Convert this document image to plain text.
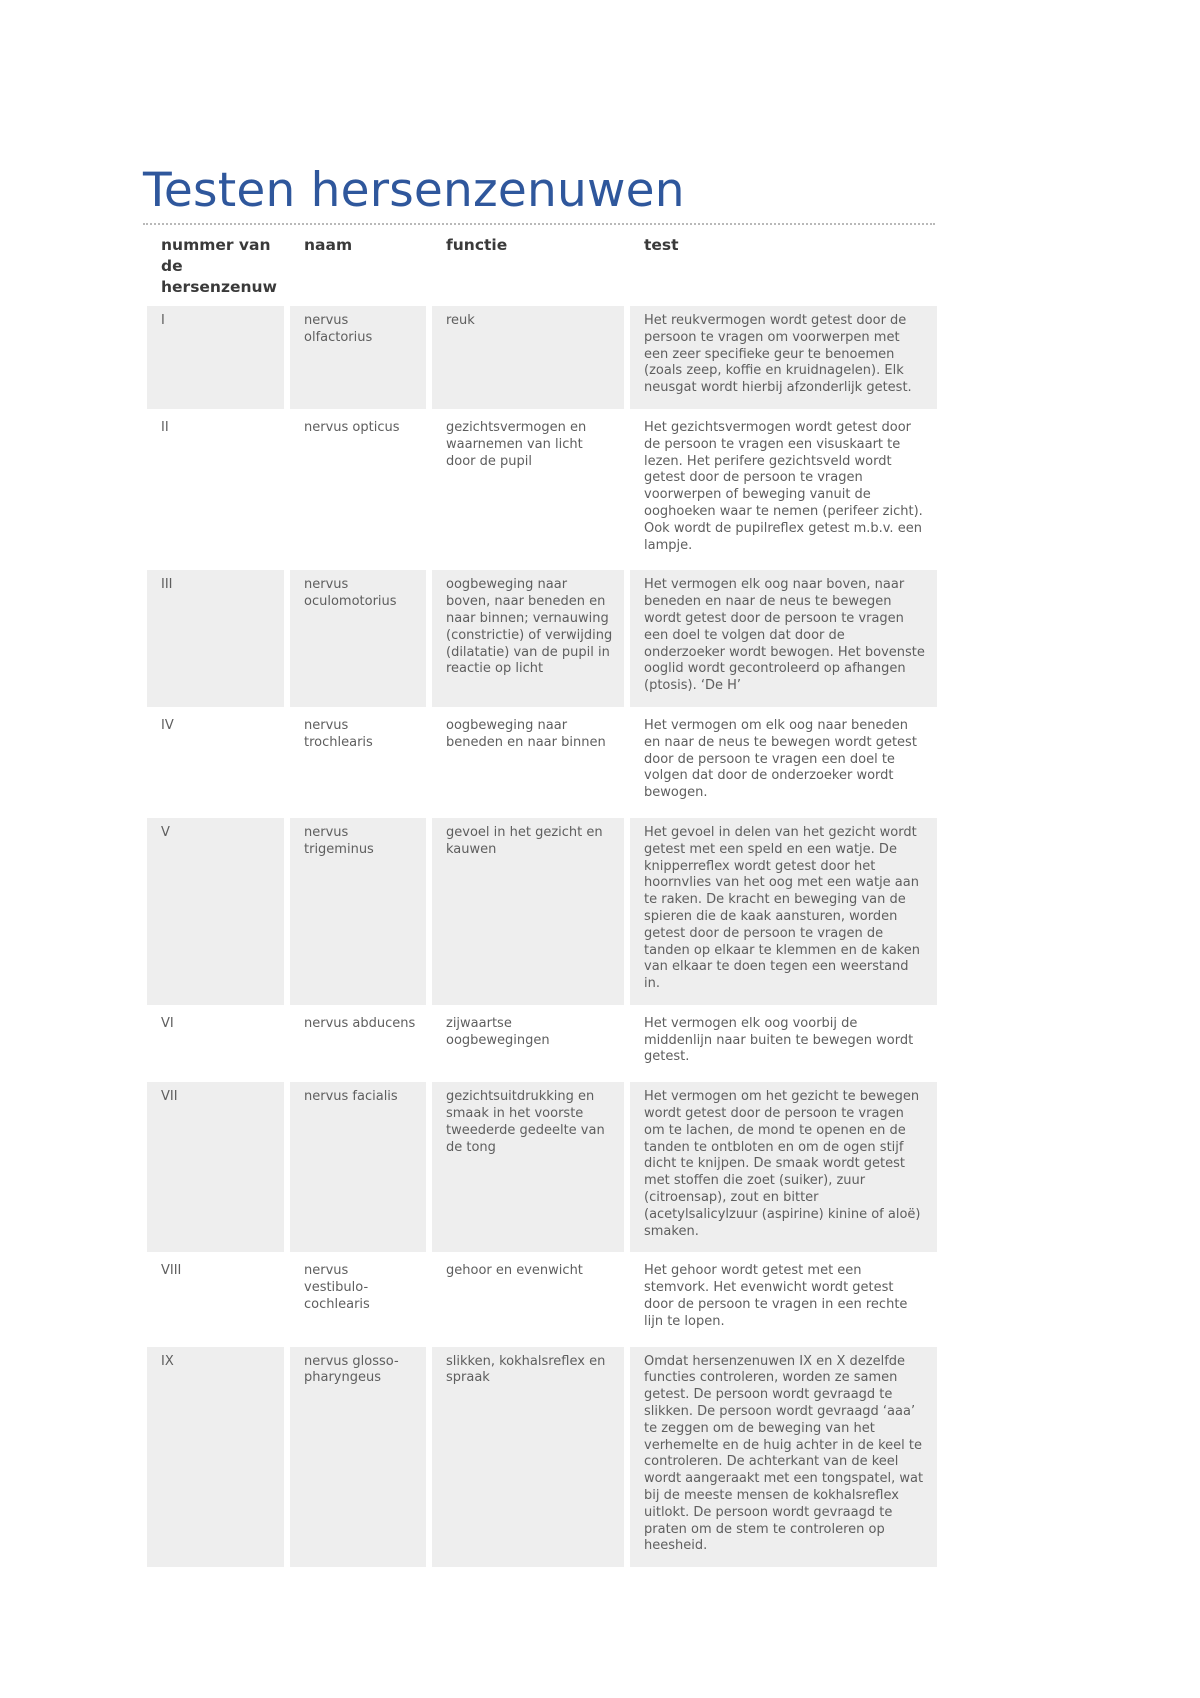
Testen hersenzenuwen
nummer van de hersenzenuw	naam	functie	test
I	nervus olfactorius	reuk	Het reukvermogen wordt getest door de persoon te vragen om voorwerpen met een zeer specifieke geur te benoemen (zoals zeep, koffie en kruidnagelen). Elk neusgat wordt hierbij afzonderlijk getest.
II	nervus opticus	gezichtsvermogen en waarnemen van licht door de pupil	Het gezichtsvermogen wordt getest door de persoon te vragen een visuskaart te lezen. Het perifere gezichtsveld wordt getest door de persoon te vragen voorwerpen of beweging vanuit de ooghoeken waar te nemen (perifeer zicht). Ook wordt de pupilreflex getest m.b.v. een lampje.
III	nervus oculomotorius	oogbeweging naar boven, naar beneden en naar binnen; vernauwing (constrictie) of verwijding (dilatatie) van de pupil in reactie op licht	Het vermogen elk oog naar boven, naar beneden en naar de neus te bewegen wordt getest door de persoon te vragen een doel te volgen dat door de onderzoeker wordt bewogen. Het bovenste ooglid wordt gecontroleerd op afhangen (ptosis). ‘De H’
IV	nervus trochlearis	oogbeweging naar beneden en naar binnen	Het vermogen om elk oog naar beneden en naar de neus te bewegen wordt getest door de persoon te vragen een doel te volgen dat door de onderzoeker wordt bewogen.
V	nervus trigeminus	gevoel in het gezicht en kauwen	Het gevoel in delen van het gezicht wordt getest met een speld en een watje. De knipperreflex wordt getest door het hoornvlies van het oog met een watje aan te raken. De kracht en beweging van de spieren die de kaak aansturen, worden getest door de persoon te vragen de tanden op elkaar te klemmen en de kaken van elkaar te doen tegen een weerstand in.
VI	nervus abducens	zijwaartse oogbewegingen	Het vermogen elk oog voorbij de middenlijn naar buiten te bewegen wordt getest.
VII	nervus facialis	gezichtsuitdrukking en smaak in het voorste tweederde gedeelte van de tong	Het vermogen om het gezicht te bewegen wordt getest door de persoon te vragen om te lachen, de mond te openen en de tanden te ontbloten en om de ogen stijf dicht te knijpen. De smaak wordt getest met stoffen die zoet (suiker), zuur (citroensap), zout en bitter (acetylsalicylzuur (aspirine) kinine of aloë) smaken.
VIII	nervus vestibulo-cochlearis	gehoor en evenwicht	Het gehoor wordt getest met een stemvork. Het evenwicht wordt getest door de persoon te vragen in een rechte lijn te lopen.
IX	nervus glosso-pharyngeus	slikken, kokhalsreflex en spraak	Omdat hersenzenuwen IX en X dezelfde functies controleren, worden ze samen getest. De persoon wordt gevraagd te slikken. De persoon wordt gevraagd ‘aaa’ te zeggen om de beweging van het verhemelte en de huig achter in de keel te controleren. De achterkant van de keel wordt aangeraakt met een tongspatel, wat bij de meeste mensen de kokhalsreflex uitlokt. De persoon wordt gevraagd te praten om de stem te controleren op heesheid.
